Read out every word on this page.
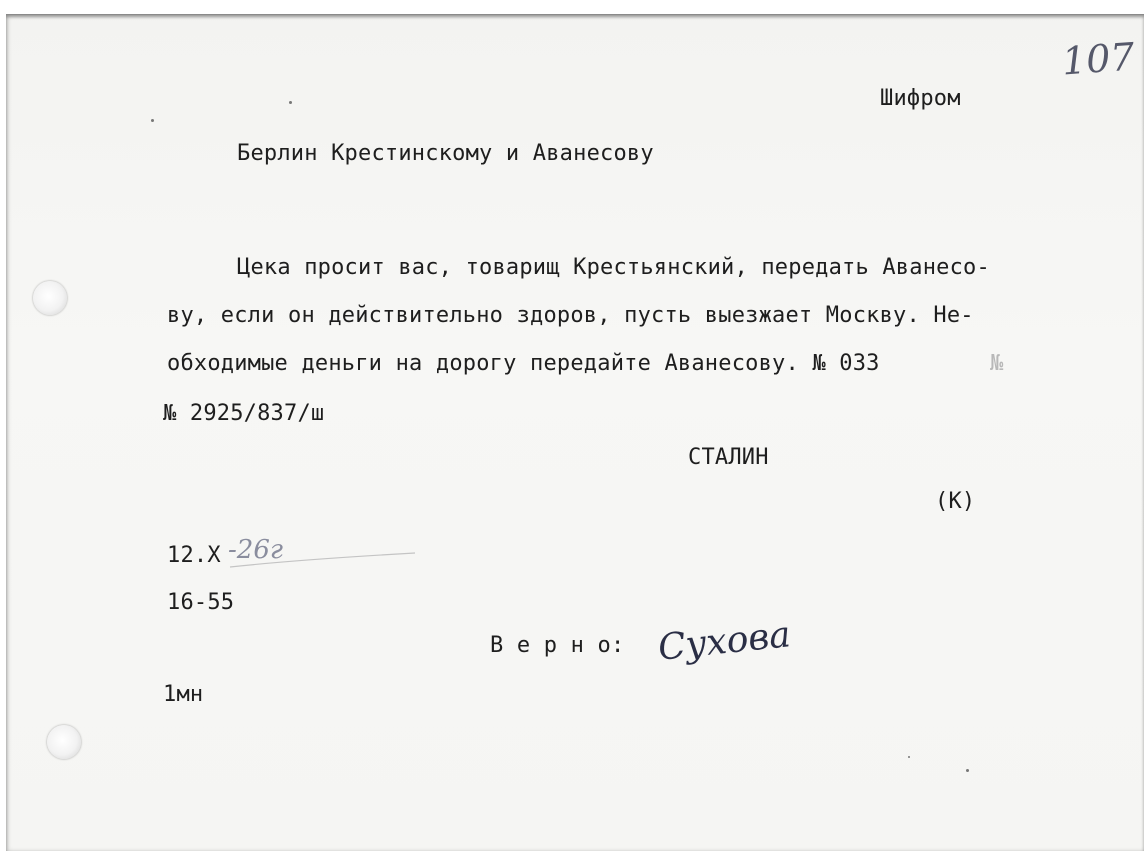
107
Шифром
Берлин Крестинскому и Аванесову
Цека просит вас, товарищ Крестьянский, передать Аванесо-
ву, если он действительно здоров, пусть выезжает Москву. Не-
обходимые деньги на дорогу передайте Аванесову. № 033	№
№ 2925/837/ш
СТАЛИН
(К)
12.Х -26г
16-55
В е р н о: Сухова
1мн
